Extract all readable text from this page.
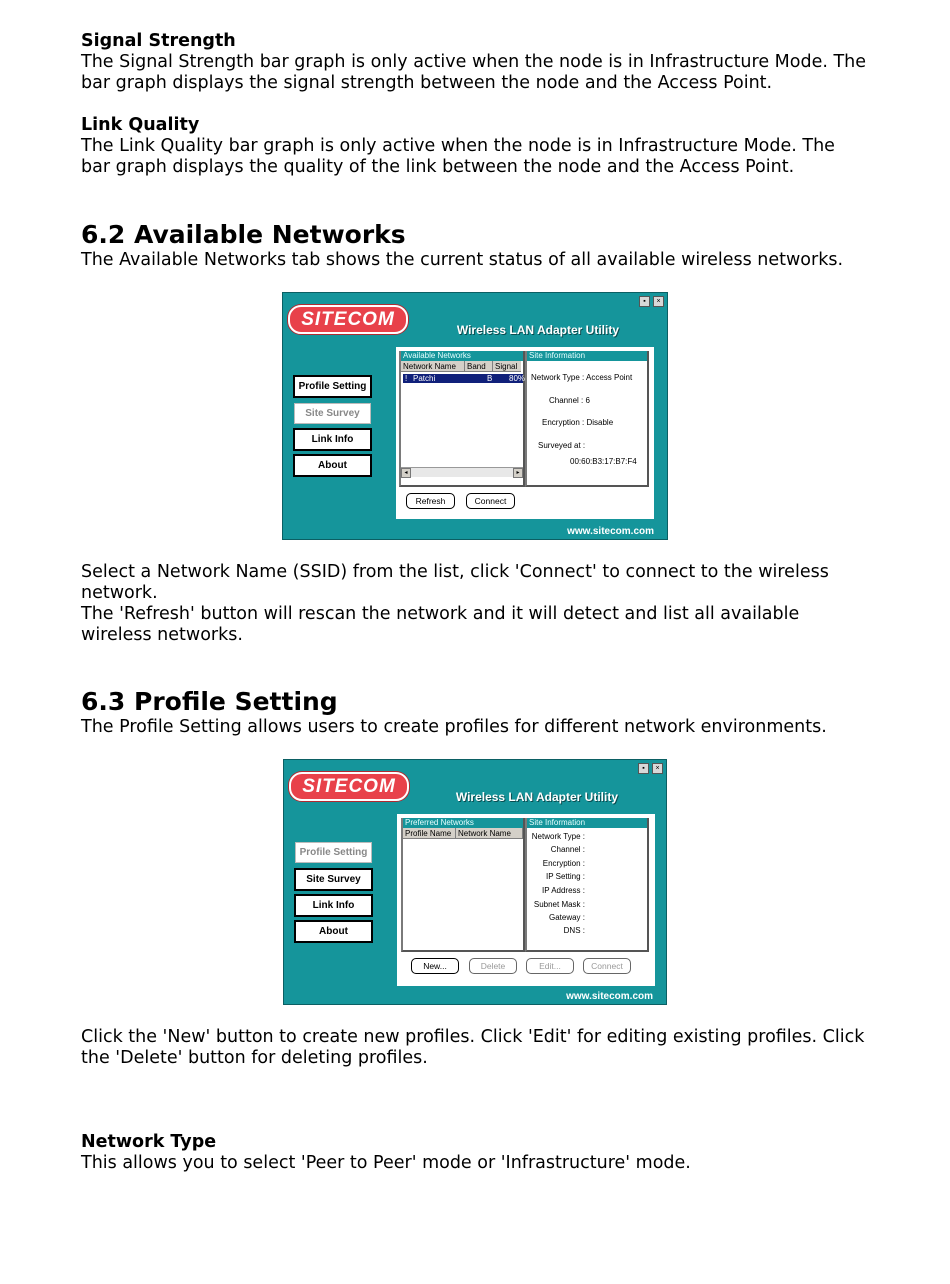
Signal Strength
The Signal Strength bar graph is only active when the node is in Infrastructure Mode. The
bar graph displays the signal strength between the node and the Access Point.
Link Quality
The Link Quality bar graph is only active when the node is in Infrastructure Mode. The
bar graph displays the quality of the link between the node and the Access Point.
6.2 Available Networks
The Available Networks tab shows the current status of all available wireless networks.
▪	×
SITECOM	Wireless LAN Adapter Utility
Profile Setting
Site Survey
Link Info
About
Available Networks
Network Name	Band	Signal
ǃ Patchi	B 80%
◂	▸
Site Information
Network Type : Access Point
Channel : 6
Encryption : Disable
Surveyed at :
00:60:B3:17:B7:F4
Refresh	Connect
www.sitecom.com
Select a Network Name (SSID) from the list, click 'Connect' to connect to the wireless
network.
The 'Refresh' button will rescan the network and it will detect and list all available
wireless networks.
6.3 Profile Setting
The Profile Setting allows users to create profiles for different network environments.
▪	×
SITECOM	Wireless LAN Adapter Utility
Profile Setting
Site Survey
Link Info
About
Preferred Networks
Profile Name Network Name
Site Information
Network Type :
Channel :
Encryption :
IP Setting :
IP Address :
Subnet Mask :
Gateway :
DNS :
New...	Delete	Edit...	Connect
www.sitecom.com
Click the 'New' button to create new profiles. Click 'Edit' for editing existing profiles. Click
the 'Delete' button for deleting profiles.
Network Type
This allows you to select 'Peer to Peer' mode or 'Infrastructure' mode.
